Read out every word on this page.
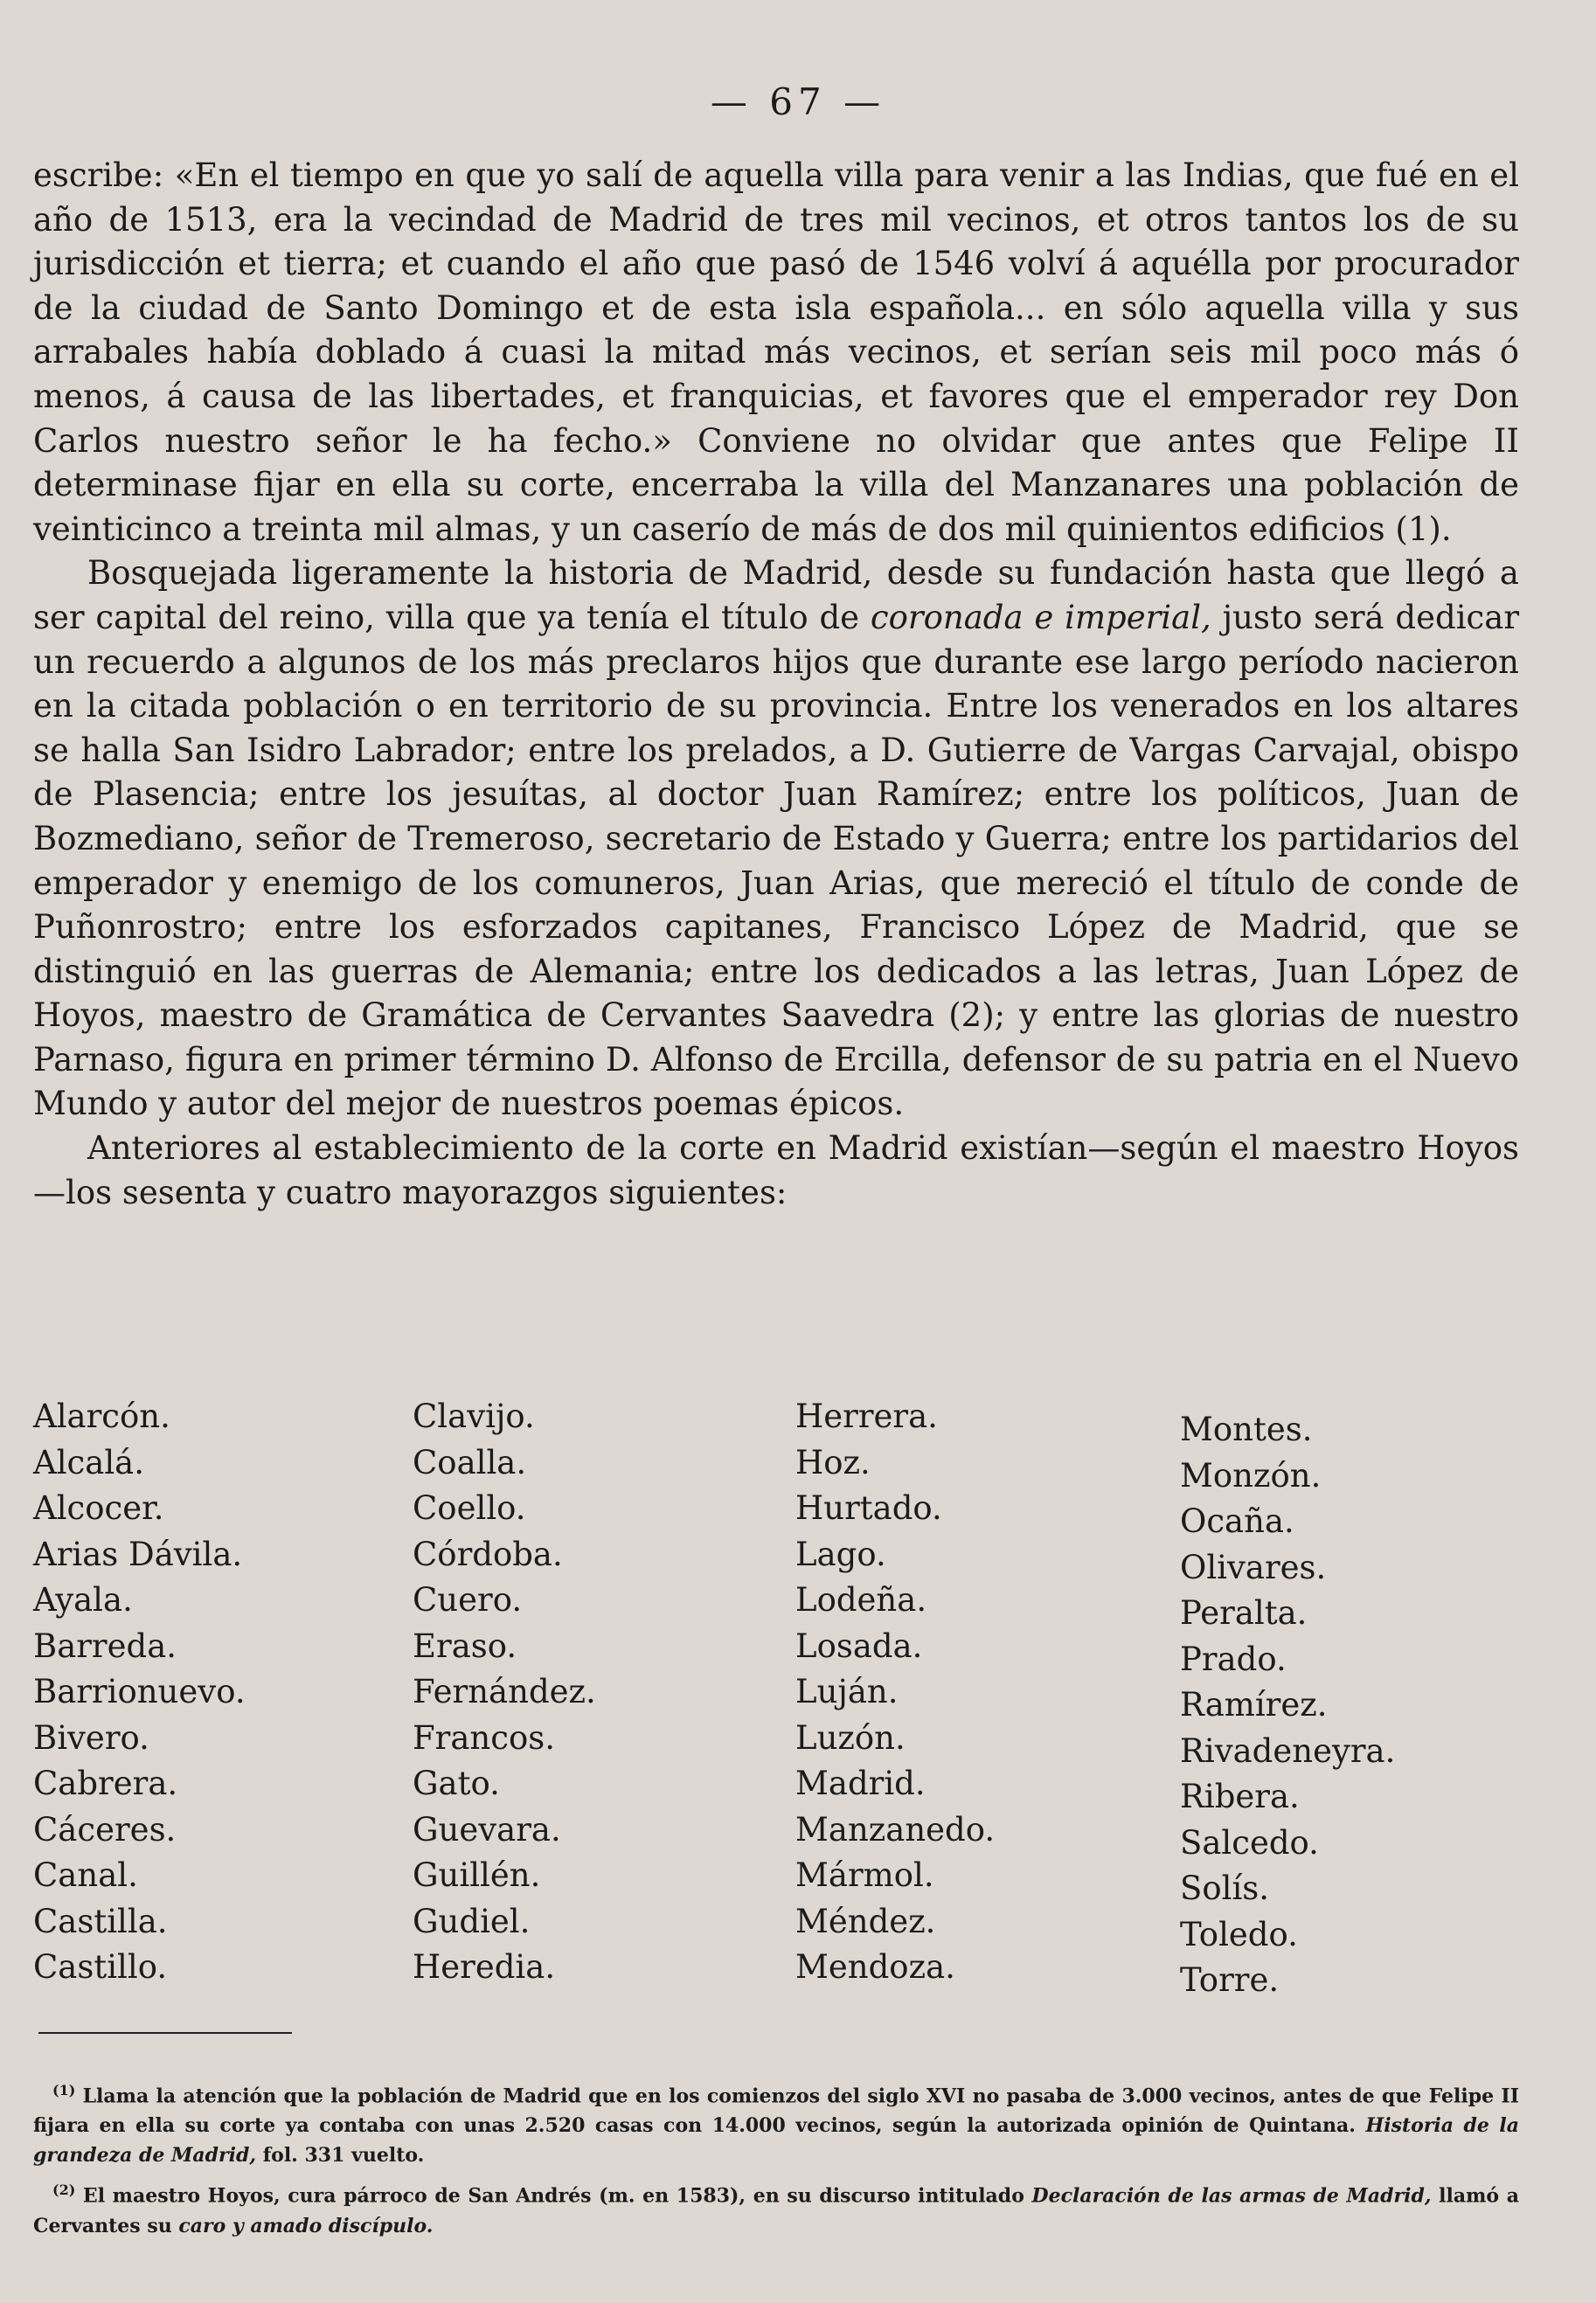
— 67 —

escribe: «En el tiempo en que yo salí de aquella villa para venir a las Indias, que fué en el año de 1513, era la vecindad de Madrid de tres mil vecinos, et otros tantos los de su jurisdicción et tierra; et cuando el año que pasó de 1546 volví á aquélla por procurador de la ciudad de Santo Domingo et de esta isla española... en sólo aquella villa y sus arrabales había doblado á cuasi la mitad más vecinos, et serían seis mil poco más ó menos, á causa de las libertades, et franquicias, et favores que el emperador rey Don Carlos nuestro señor le ha fecho.» Conviene no olvidar que antes que Felipe II determinase fijar en ella su corte, encerraba la villa del Manzanares una población de veinticinco a treinta mil almas, y un caserío de más de dos mil quinientos edificios (1).

Bosquejada ligeramente la historia de Madrid, desde su fundación hasta que llegó a ser capital del reino, villa que ya tenía el título de coronada e imperial, justo será dedicar un recuerdo a algunos de los más preclaros hijos que durante ese largo período nacieron en la citada población o en territorio de su provincia. Entre los venerados en los altares se halla San Isidro Labrador; entre los prelados, a D. Gutierre de Vargas Carvajal, obispo de Plasencia; entre los jesuítas, al doctor Juan Ramírez; entre los políticos, Juan de Bozmediano, señor de Tremeroso, secretario de Estado y Guerra; entre los partidarios del emperador y enemigo de los comuneros, Juan Arias, que mereció el título de conde de Puñonrostro; entre los esforzados capitanes, Francisco López de Madrid, que se distinguió en las guerras de Alemania; entre los dedicados a las letras, Juan López de Hoyos, maestro de Gramática de Cervantes Saavedra (2); y entre las glorias de nuestro Parnaso, figura en primer término D. Alfonso de Ercilla, defensor de su patria en el Nuevo Mundo y autor del mejor de nuestros poemas épicos.

Anteriores al establecimiento de la corte en Madrid existían—según el maestro Hoyos—los sesenta y cuatro mayorazgos siguientes:

Alarcón.
Alcalá.
Alcocer.
Arias Dávila.
Ayala.
Barreda.
Barrionuevo.
Bivero.
Cabrera.
Cáceres.
Canal.
Castilla.
Castillo.
Clavijo.
Coalla.
Coello.
Córdoba.
Cuero.
Eraso.
Fernández.
Francos.
Gato.
Guevara.
Guillén.
Gudiel.
Heredia.
Herrera.
Hoz.
Hurtado.
Lago.
Lodeña.
Losada.
Luján.
Luzón.
Madrid.
Manzanedo.
Mármol.
Méndez.
Mendoza.
Montes.
Monzón.
Ocaña.
Olivares.
Peralta.
Prado.
Ramírez.
Rivadeneyra.
Ribera.
Salcedo.
Solís.
Toledo.
Torre.

$^{(1)}$ Llama la atención que la población de Madrid que en los comienzos del siglo XVI no pasaba de 3.000 vecinos, antes de que Felipe II fijara en ella su corte ya contaba con unas 2.520 casas con 14.000 vecinos, según la autorizada opinión de Quintana. Historia de la grandeza de Madrid, fol. 331 vuelto.

$^{(2)}$ El maestro Hoyos, cura párroco de San Andrés (m. en 1583), en su discurso intitulado Declaración de las armas de Madrid, llamó a Cervantes su caro y amado discípulo.
